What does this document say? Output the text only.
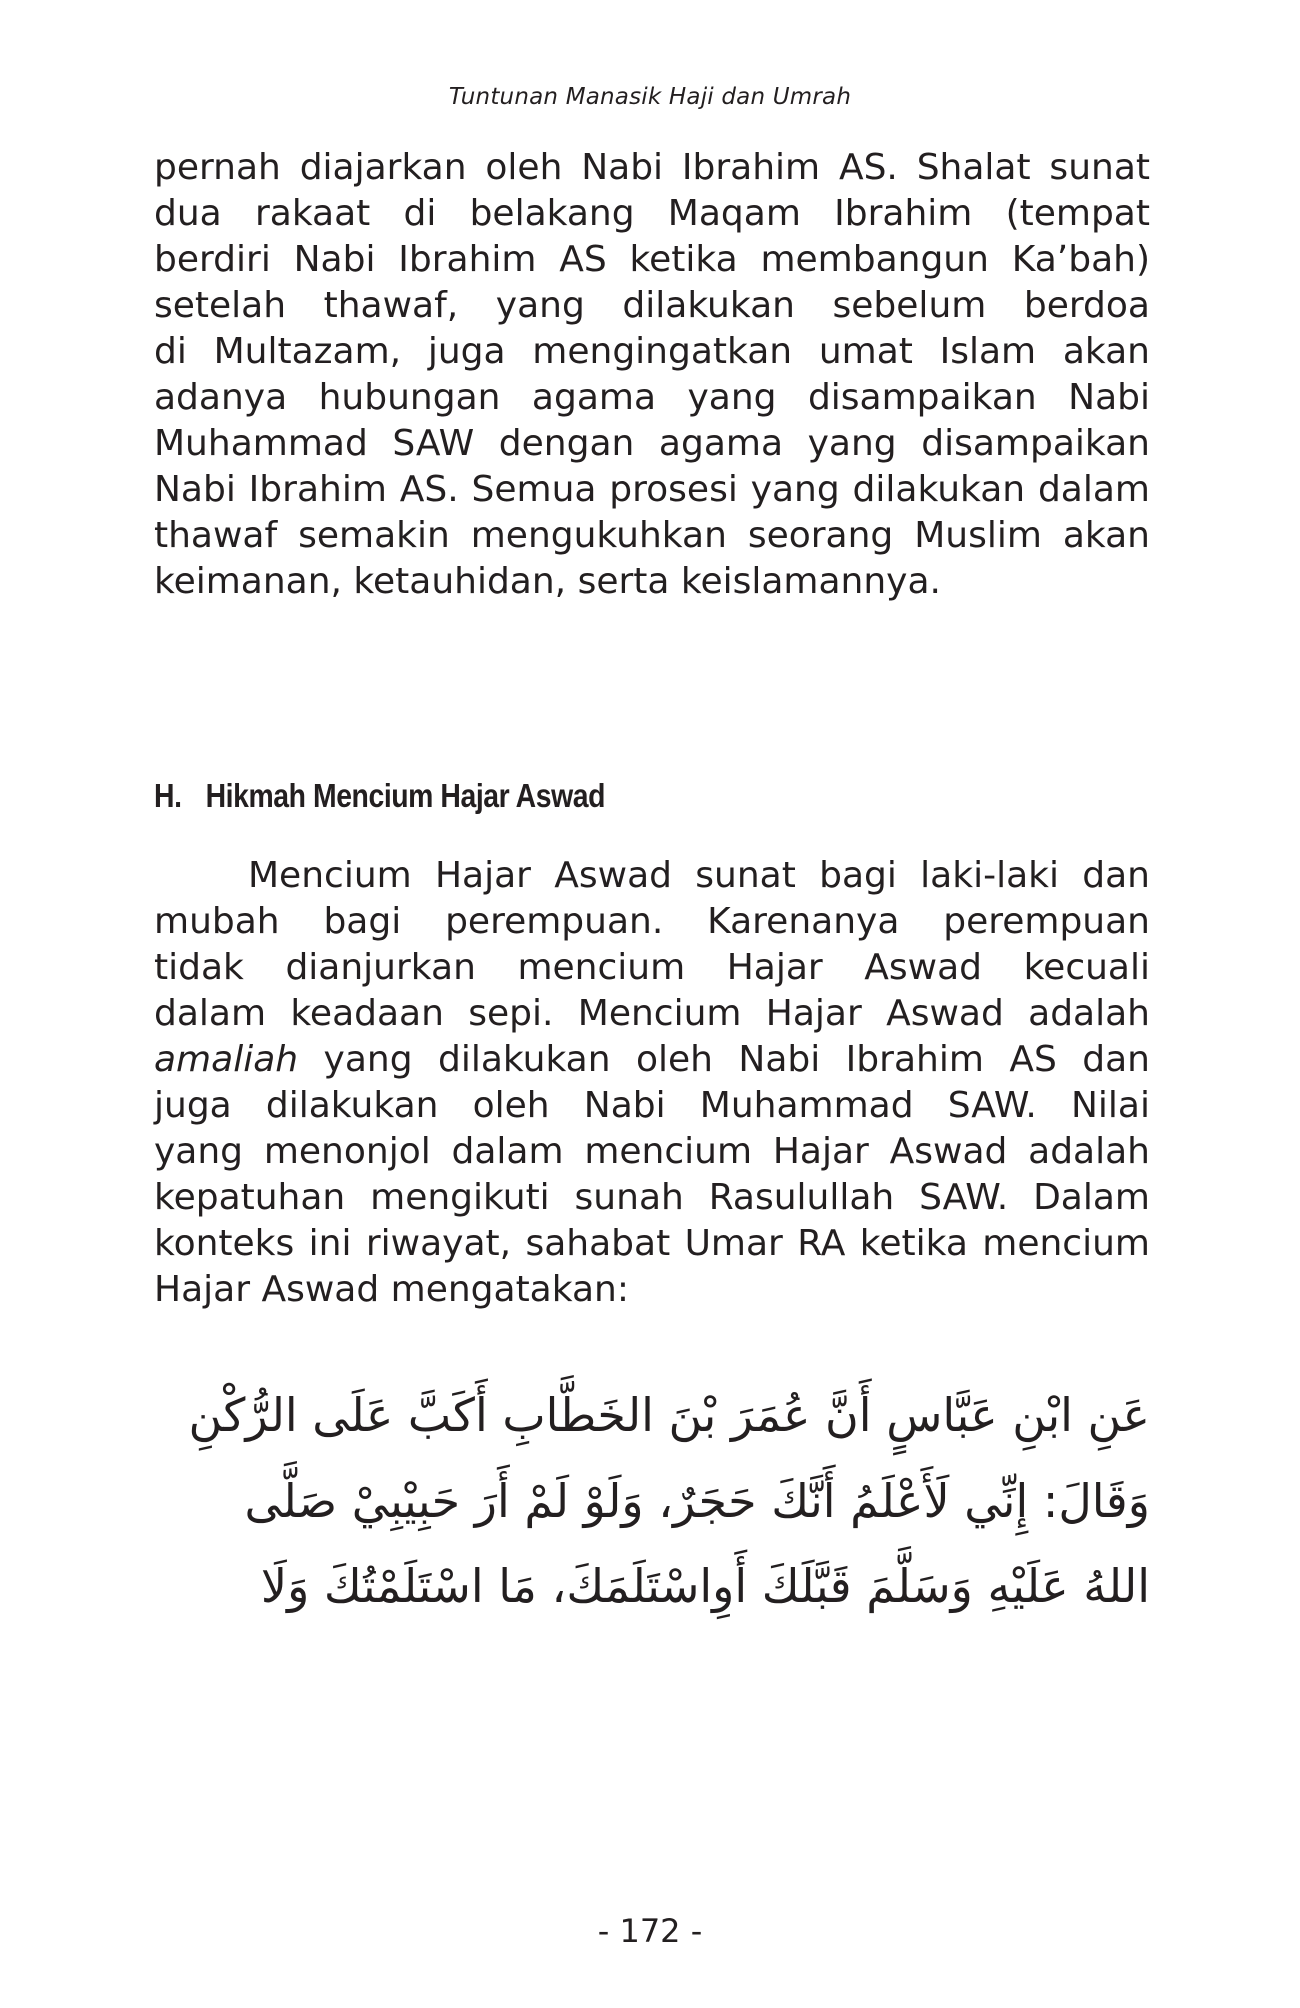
Tuntunan Manasik Haji dan Umrah
pernah diajarkan oleh Nabi Ibrahim AS. Shalat sunat
dua rakaat di belakang Maqam Ibrahim (tempat
berdiri Nabi Ibrahim AS ketika membangun Ka’bah)
setelah thawaf, yang dilakukan sebelum berdoa
di Multazam, juga mengingatkan umat Islam akan
adanya hubungan agama yang disampaikan Nabi
Muhammad SAW dengan agama yang disampaikan
Nabi Ibrahim AS. Semua prosesi yang dilakukan dalam
thawaf semakin mengukuhkan seorang Muslim akan
keimanan, ketauhidan, serta keislamannya.
H. Hikmah Mencium Hajar Aswad
Mencium Hajar Aswad sunat bagi laki-laki dan
mubah bagi perempuan. Karenanya perempuan
tidak dianjurkan mencium Hajar Aswad kecuali
dalam keadaan sepi. Mencium Hajar Aswad adalah
amaliah yang dilakukan oleh Nabi Ibrahim AS dan
juga dilakukan oleh Nabi Muhammad SAW. Nilai
yang menonjol dalam mencium Hajar Aswad adalah
kepatuhan mengikuti sunah Rasulullah SAW. Dalam
konteks ini riwayat, sahabat Umar RA ketika mencium
Hajar Aswad mengatakan:
عَنِ ابْنِ عَبَّاسٍ أَنَّ عُمَرَ بْنَ الخَطَّابِ أَكَبَّ عَلَى الرُّكْنِ
وَقَالَ: إِنِّي لَأَعْلَمُ أَنَّكَ حَجَرٌ، وَلَوْ لَمْ أَرَ حَبِيْبِيْ صَلَّى
اللهُ عَلَيْهِ وَسَلَّمَ قَبَّلَكَ أَوِاسْتَلَمَكَ، مَا اسْتَلَمْتُكَ وَلَا
- 172 -
